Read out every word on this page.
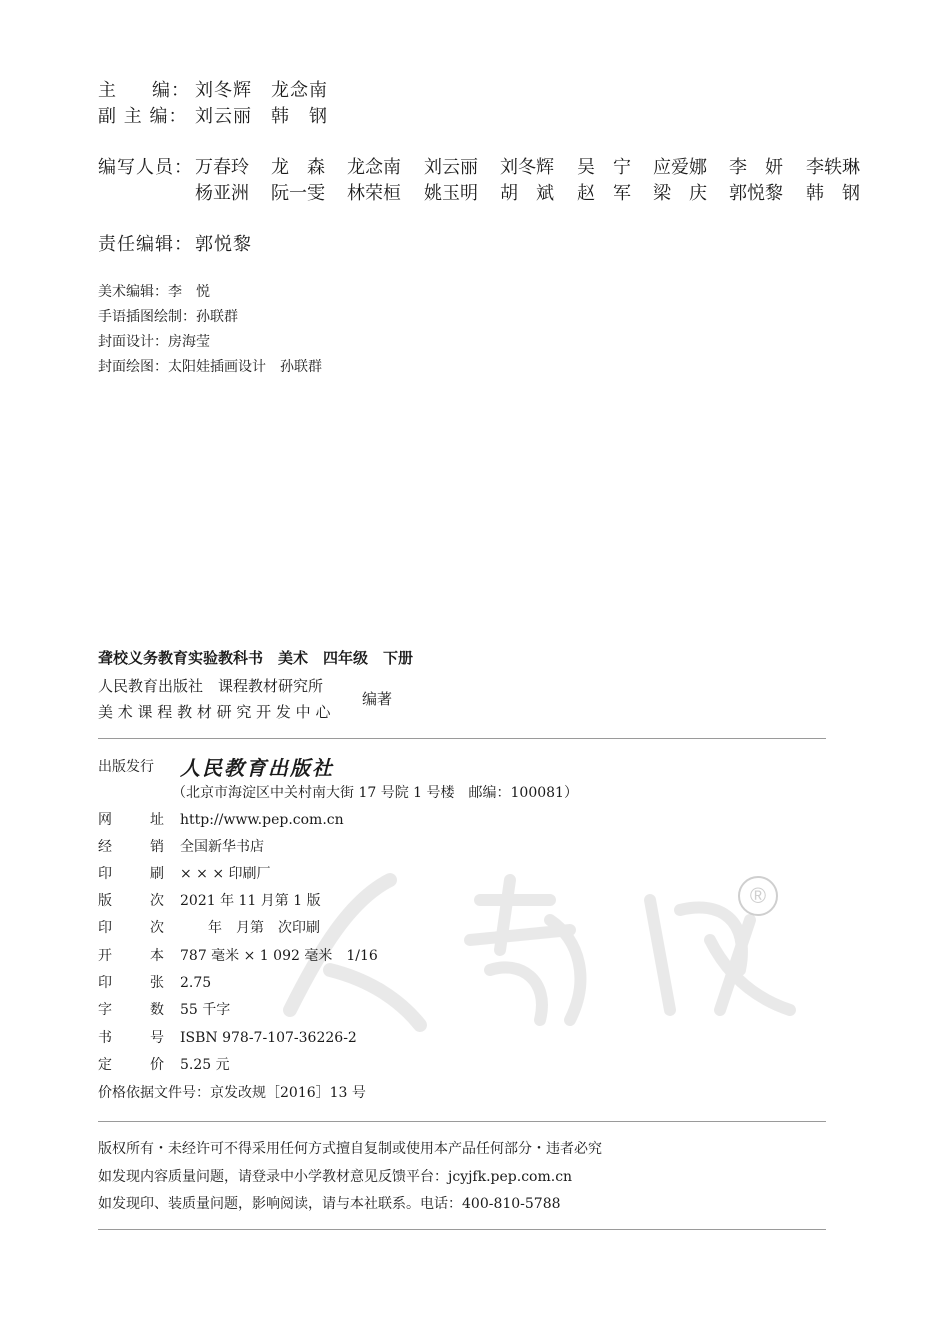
主 编： 刘冬辉　龙念南
副 主 编： 刘云丽　韩　钢
编写人员： 万春玲 龙　森 龙念南 刘云丽 刘冬辉 吴　宁 应爱娜 李　妍 李轶琳
杨亚洲 阮一雯 林荣桓 姚玉明 胡　斌 赵　军 梁　庆 郭悦黎 韩　钢
责任编辑： 郭悦黎
美术编辑：李　悦
手语插图绘制：孙联群
封面设计：房海莹
封面绘图：太阳娃插画设计　孙联群
聋校义务教育实验教科书　美术　四年级　下册
人民教育出版社　课程教材研究所
美 术 课 程 教 材 研 究 开 发 中 心
编著
出版发行 人民教育出版社
（北京市海淀区中关村南大街 17 号院 1 号楼　邮编：100081）
®
网	址 http://www.pep.com.cn
经	销 全国新华书店
印	刷 × × × 印刷厂
版	次 2021 年 11 月第 1 版
印	次 　　年　月第　次印刷
开	本 787 毫米 × 1 092 毫米　1/16
印	张 2.75
字	数 55 千字
书	号 ISBN 978-7-107-36226-2
定	价 5.25 元
价格依据文件号：京发改规［2016］13 号
版权所有・未经许可不得采用任何方式擅自复制或使用本产品任何部分・违者必究
如发现内容质量问题，请登录中小学教材意见反馈平台：jcyjfk.pep.com.cn
如发现印、装质量问题，影响阅读，请与本社联系。电话：400-810-5788
